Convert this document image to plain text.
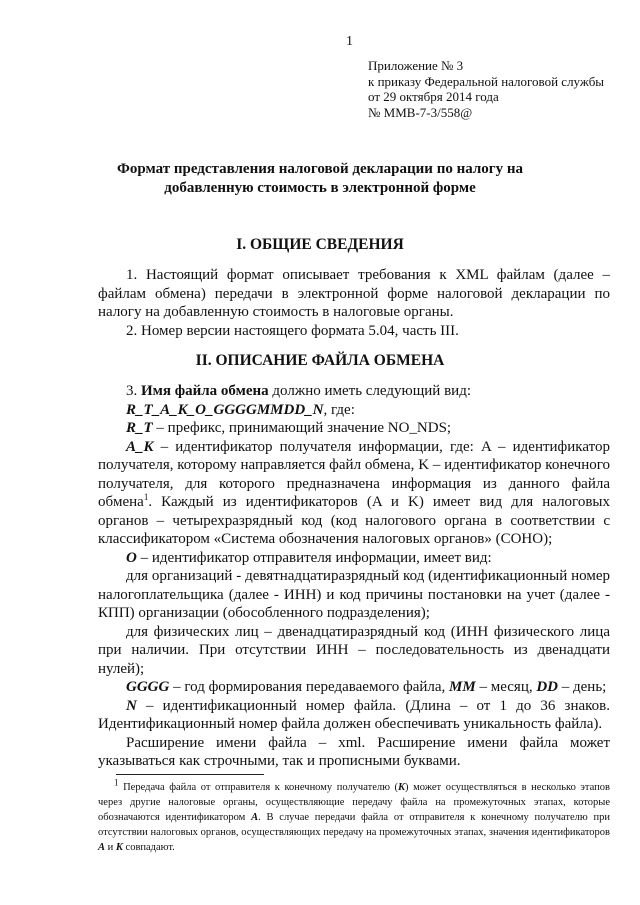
1
Приложение № 3
к приказу Федеральной налоговой службы
от 29 октября 2014 года
№ ММВ-7-3/558@
Формат представления налоговой декларации по налогу на
добавленную стоимость в электронной форме
I. ОБЩИЕ СВЕДЕНИЯ

1. Настоящий формат описывает требования к XML файлам (далее – файлам обмена) передачи в электронной форме налоговой декларации по налогу на добавленную стоимость в налоговые органы.

2. Номер версии настоящего формата 5.04, часть III.

II. ОПИСАНИЕ ФАЙЛА ОБМЕНА

3. Имя файла обмена должно иметь следующий вид:

R_T_A_K_O_GGGGMMDD_N, где:

R_T – префикс, принимающий значение NO_NDS;

A_K – идентификатор получателя информации, где: A – идентификатор получателя, которому направляется файл обмена, K – идентификатор конечного получателя, для которого предназначена информация из данного файла обмена$^1$. Каждый из идентификаторов (A и K) имеет вид для налоговых органов – четырехразрядный код (код налогового органа в соответствии с классификатором «Система обозначения налоговых органов» (СОНО);

O – идентификатор отправителя информации, имеет вид:

для организаций - девятнадцатиразрядный код (идентификационный номер налогоплательщика (далее - ИНН) и код причины постановки на учет (далее - КПП) организации (обособленного подразделения);

для физических лиц – двенадцатиразрядный код (ИНН физического лица при наличии. При отсутствии ИНН – последовательность из двенадцати нулей);

GGGG – год формирования передаваемого файла, MM – месяц, DD – день;

N – идентификационный номер файла. (Длина – от 1 до 36 знаков. Идентификационный номер файла должен обеспечивать уникальность файла).

Расширение имени файла – xml. Расширение имени файла может указываться как строчными, так и прописными буквами.

$^1$ Передача файла от отправителя к конечному получателю (K) может осуществляться в несколько этапов через другие налоговые органы, осуществляющие передачу файла на промежуточных этапах, которые обозначаются идентификатором A. В случае передачи файла от отправителя к конечному получателю при отсутствии налоговых органов, осуществляющих передачу на промежуточных этапах, значения идентификаторов A и K совпадают.
